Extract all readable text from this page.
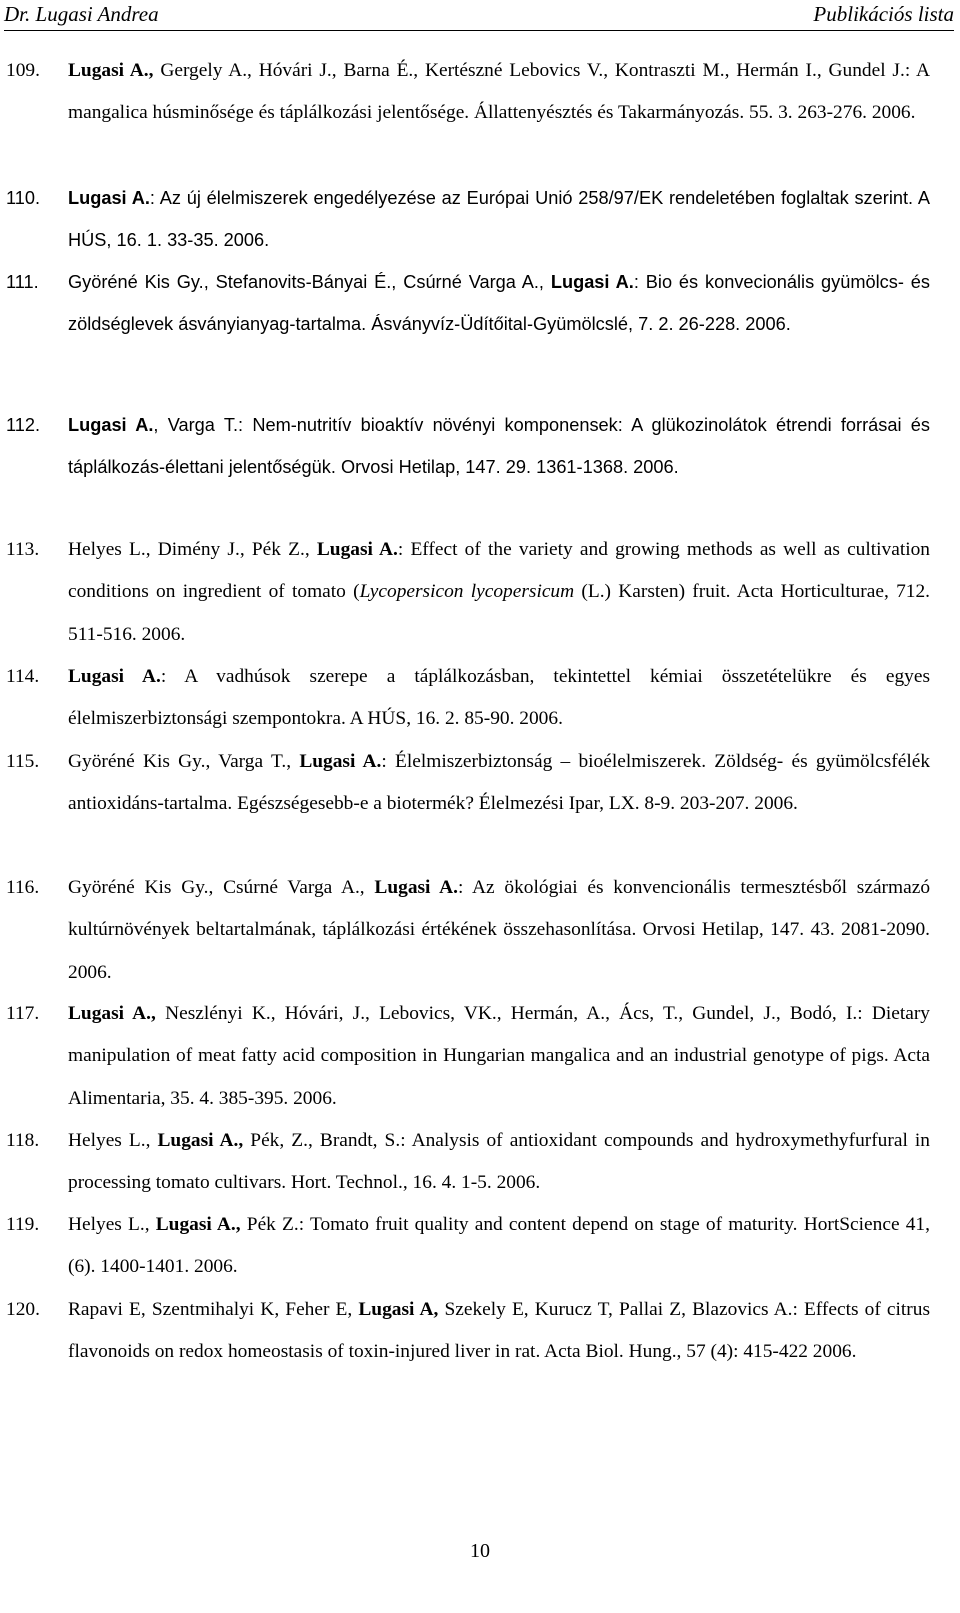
Dr. Lugasi Andrea	Publikációs lista
109. Lugasi A., Gergely A., Hóvári J., Barna É., Kertészné Lebovics V., Kontraszti M., Hermán I., Gundel J.: A mangalica húsminősége és táplálkozási jelentősége. Állattenyésztés és Takarmányozás. 55. 3. 263-276. 2006.
110. Lugasi A.: Az új élelmiszerek engedélyezése az Európai Unió 258/97/EK rendeletében foglaltak szerint. A HÚS, 16. 1. 33-35. 2006.
111. Györéné Kis Gy., Stefanovits-Bányai É., Csúrné Varga A., Lugasi A.: Bio és konvecionális gyümölcs- és zöldséglevek ásványianyag-tartalma. Ásványvíz-Üdítőital-Gyümölcslé, 7. 2. 26-228. 2006.
112. Lugasi A., Varga T.: Nem-nutritív bioaktív növényi komponensek: A glükozinolátok étrendi forrásai és táplálkozás-élettani jelentőségük. Orvosi Hetilap, 147. 29. 1361-1368. 2006.
113. Helyes L., Dimény J., Pék Z., Lugasi A.: Effect of the variety and growing methods as well as cultivation conditions on ingredient of tomato (Lycopersicon lycopersicum (L.) Karsten) fruit. Acta Horticulturae, 712. 511-516. 2006.
114. Lugasi A.: A vadhúsok szerepe a táplálkozásban, tekintettel kémiai összetételükre és egyes élelmiszerbiztonsági szempontokra. A HÚS, 16. 2. 85-90. 2006.
115. Györéné Kis Gy., Varga T., Lugasi A.: Élelmiszerbiztonság – bioélelmiszerek. Zöldség- és gyümölcsfélék antioxidáns-tartalma. Egészségesebb-e a biotermék? Élelmezési Ipar, LX. 8-9. 203-207. 2006.
116. Györéné Kis Gy., Csúrné Varga A., Lugasi A.: Az ökológiai és konvencionális termesztésből származó kultúrnövények beltartalmának, táplálkozási értékének összehasonlítása. Orvosi Hetilap, 147. 43. 2081-2090. 2006.
117. Lugasi A., Neszlényi K., Hóvári, J., Lebovics, VK., Hermán, A., Ács, T., Gundel, J., Bodó, I.: Dietary manipulation of meat fatty acid composition in Hungarian mangalica and an industrial genotype of pigs. Acta Alimentaria, 35. 4. 385-395. 2006.
118. Helyes L., Lugasi A., Pék, Z., Brandt, S.: Analysis of antioxidant compounds and hydroxymethyfurfural in processing tomato cultivars. Hort. Technol., 16. 4. 1-5. 2006.
119. Helyes L., Lugasi A., Pék Z.: Tomato fruit quality and content depend on stage of maturity. HortScience 41, (6). 1400-1401. 2006.
120. Rapavi E, Szentmihalyi K, Feher E, Lugasi A, Szekely E, Kurucz T, Pallai Z, Blazovics A.: Effects of citrus flavonoids on redox homeostasis of toxin-injured liver in rat. Acta Biol. Hung., 57 (4): 415-422 2006.
10
